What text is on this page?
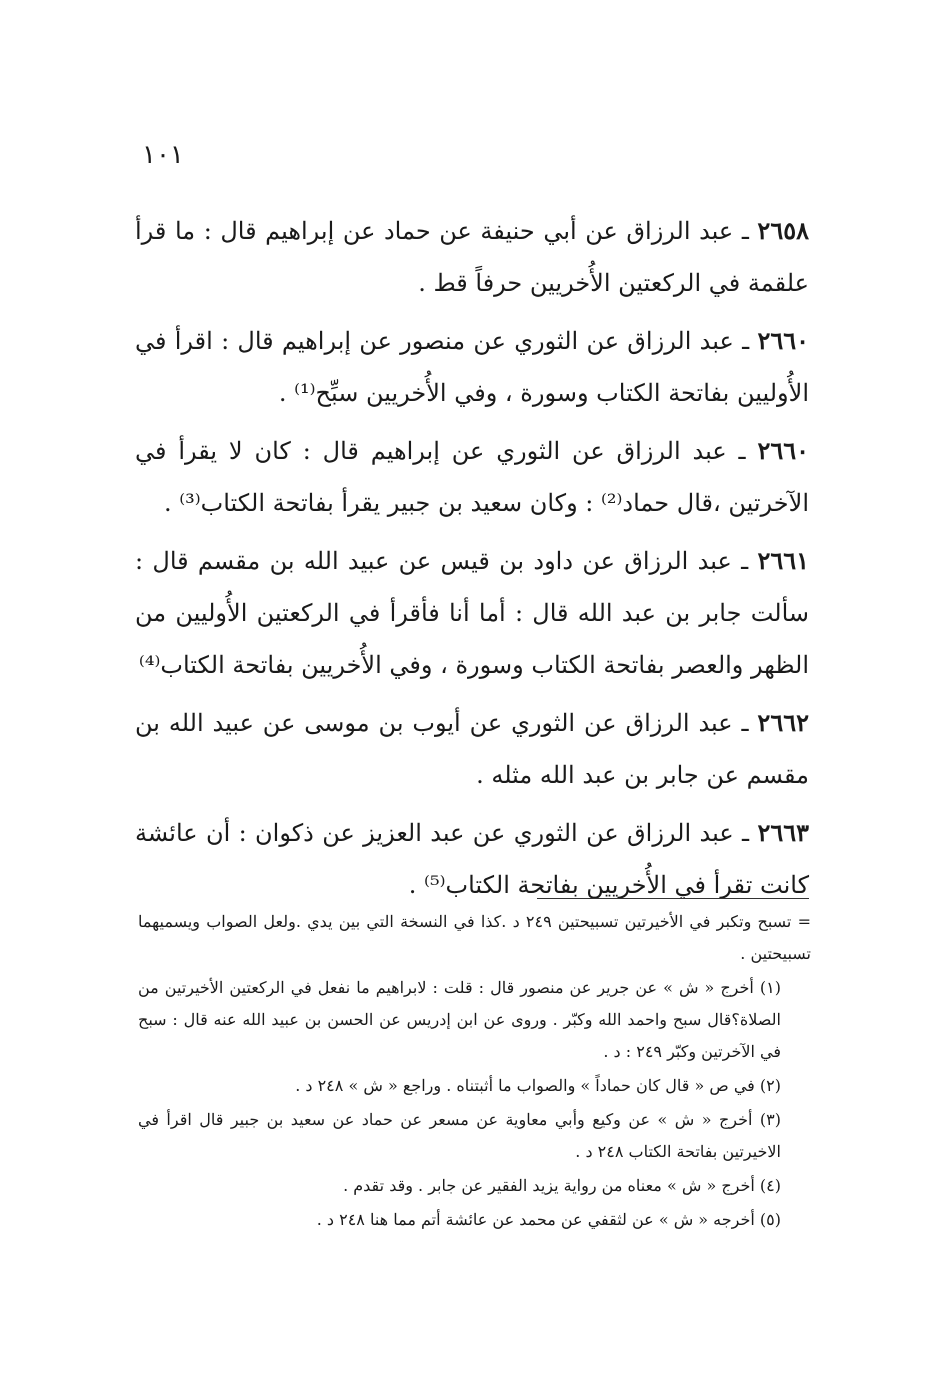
١٠١

٢٦٥٨ ـ عبد الرزاق عن أبي حنيفة عن حماد عن إبراهيم قال : ما قرأ علقمة في الركعتين الأُخريين حرفاً قط .

٢٦٦٠ ـ عبد الرزاق عن الثوري عن منصور عن إبراهيم قال : اقرأ في الأُوليين بفاتحة الكتاب وسورة ، وفي الأُخريين سبِّح⁽¹⁾ .

٢٦٦٠ ـ عبد الرزاق عن الثوري عن إبراهيم قال : كان لا يقرأ في الآخرتين ،قال حماد⁽²⁾ : وكان سعيد بن جبير يقرأ بفاتحة الكتاب⁽³⁾ .

٢٦٦١ ـ عبد الرزاق عن داود بن قيس عن عبيد الله بن مقسم قال : سألت جابر بن عبد الله قال : أما أنا فأقرأ في الركعتين الأُوليين من الظهر والعصر بفاتحة الكتاب وسورة ، وفي الأُخريين بفاتحة الكتاب⁽⁴⁾

٢٦٦٢ ـ عبد الرزاق عن الثوري عن أيوب بن موسى عن عبيد الله بن مقسم عن جابر بن عبد الله مثله .

٢٦٦٣ ـ عبد الرزاق عن الثوري عن عبد العزيز عن ذكوان : أن عائشة كانت تقرأ في الأُخريين بفاتحة الكتاب⁽⁵⁾ .

= تسبح وتكبر في الأخيرتين تسبيحتين ٢٤٩ د .كذا في النسخة التي بين يدي .ولعل الصواب ويسميهما تسبيحتين .

(١) أخرج « ش » عن جرير عن منصور قال : قلت : لابراهيم ما نفعل في الركعتين الأخيرتين من الصلاة؟قال سبح واحمد الله وكبّر . وروى عن ابن إدريس عن الحسن بن عبيد الله عنه قال : سبح في الآخرتين وكبّر ٢٤٩ : د .

(٢) في ص « قال كان حماداً » والصواب ما أثبتناه . وراجع « ش » ٢٤٨ د .

(٣) أخرج « ش » عن وكيع وأبي معاوية عن مسعر عن حماد عن سعيد بن جبير قال اقرأ في الاخيرتين بفاتحة الكتاب ٢٤٨ د .

(٤) أخرج « ش » معناه من رواية يزيد الفقير عن جابر . وقد تقدم .

(٥) أخرجه « ش » عن لثقفي عن محمد عن عائشة أتم مما هنا ٢٤٨ د .
